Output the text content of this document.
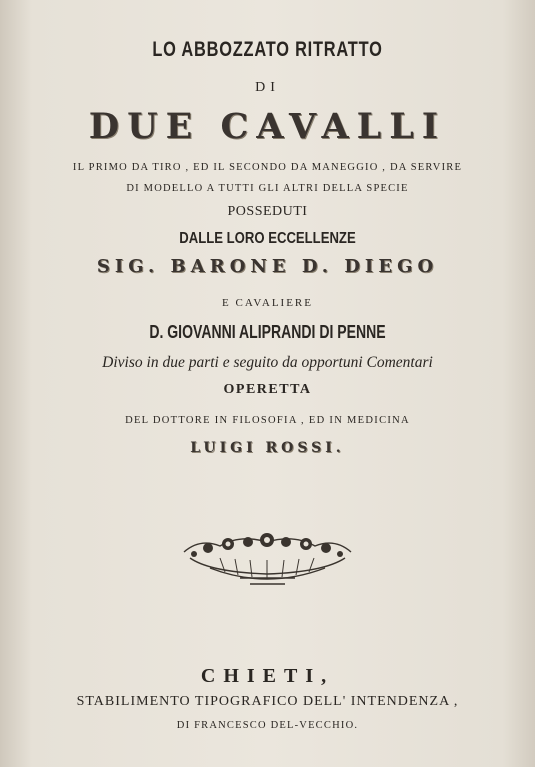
LO ABBOZZATO RITRATTO
DI
DUE CAVALLI
IL PRIMO DA TIRO , ED IL SECONDO DA MANEGGIO , DA SERVIRE
DI MODELLO A TUTTI GLI ALTRI DELLA SPECIE
POSSEDUTI
DALLE LORO ECCELLENZE
SIG. BARONE D. DIEGO
E CAVALIERE
D. GIOVANNI ALIPRANDI DI PENNE
Diviso in due parti e seguito da opportuni Comentari
OPERETTA
DEL DOTTORE IN FILOSOFIA , ED IN MEDICINA
LUIGI ROSSI.
CHIETI,
STABILIMENTO TIPOGRAFICO DELL' INTENDENZA ,
DI FRANCESCO DEL-VECCHIO.
